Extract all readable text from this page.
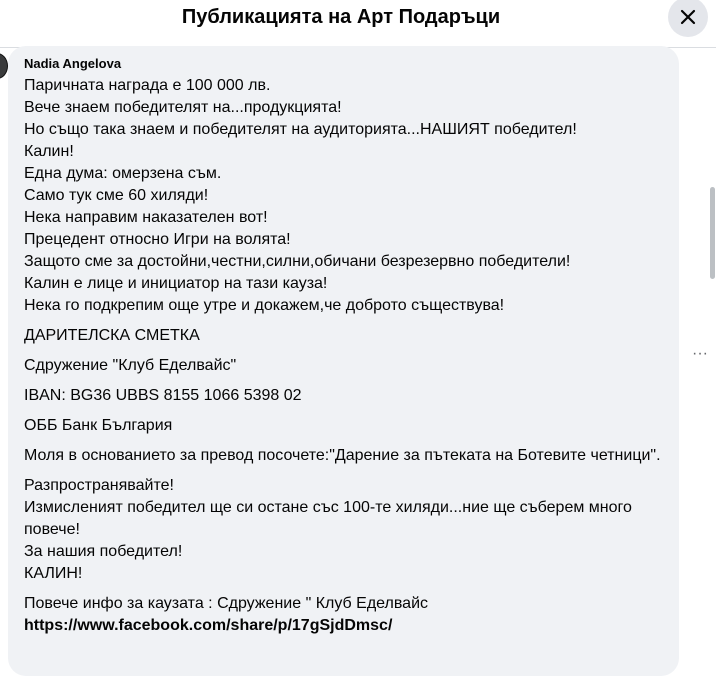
Публикацията на Арт Подаръци
Nadia Angelova

Паричната награда е 100 000 лв.

Вече знаем победителят на...продукцията!

Но също така знаем и победителят на аудиторията...НАШИЯТ победител!

Калин!

Една дума: омерзена съм.

Само тук сме 60 хиляди!

Нека направим наказателен вот!

Прецедент относно Игри на волята!

Защото сме за достойни,честни,силни,обичани безрезервно победители!

Калин е лице и инициатор на тази кауза!

Нека го подкрепим още утре и докажем,че доброто съществува!

ДАРИТЕЛСКА СМЕТКА

Сдружение "Клуб Еделвайс"

IBAN: BG36 UBBS 8155 1066 5398 02

ОББ Банк България

Моля в основанието за превод посочете:"Дарение за пътеката на Ботевите четници".

Разпространявайте!

Измисленият победител ще си остане със 100-те хиляди...ние ще съберем много повече!

За нашия победител!

КАЛИН!

Повече инфо за каузата : Сдружение " Клуб Еделвайс

https://www.facebook.com/share/p/17gSjdDmsc/

···
